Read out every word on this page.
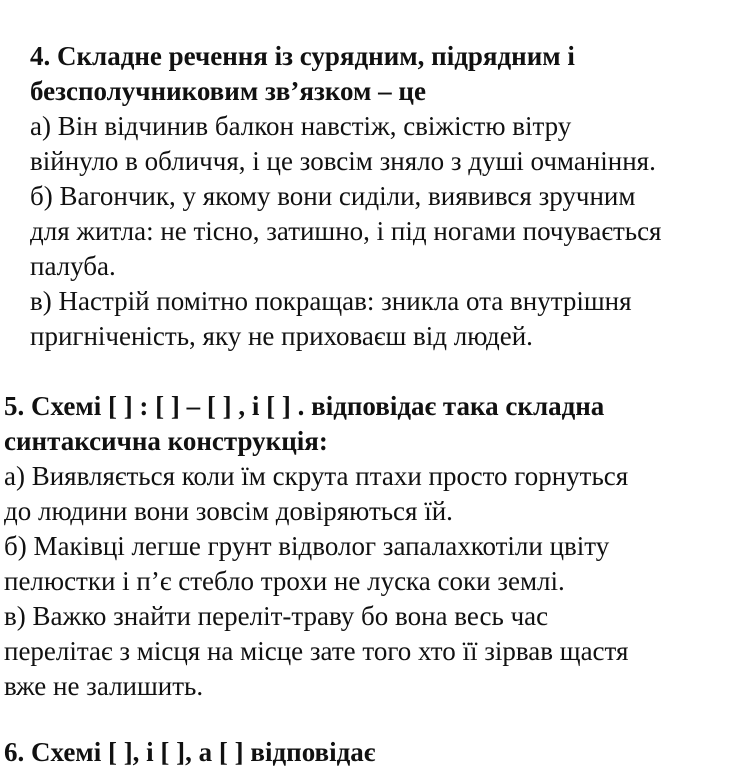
4. Складне речення із сурядним, підрядним і
безсполучниковим зв’язком – це
а) Він відчинив балкон навстіж, свіжістю вітру
війнуло в обличчя, і це зовсім зняло з душі очманіння.
б) Вагончик, у якому вони сиділи, виявився зручним
для житла: не тісно, затишно, і під ногами почувається
палуба.
в) Настрій помітно покращав: зникла ота внутрішня
пригніченість, яку не приховаєш від людей.
5. Схемі [ ] : [ ] – [ ] , і [ ] . відповідає така складна
синтаксична конструкція:
а) Виявляється коли їм скрута птахи просто горнуться
до людини вони зовсім довіряються їй.
б) Маківці легше грунт відволог запалахкотіли цвіту
пелюстки і п’є стебло трохи не луска соки землі.
в) Важко знайти переліт-траву бо вона весь час
перелітає з місця на місце зате того хто її зірвав щастя
вже не залишить.
6. Схемі [ ], і [ ], а [ ] відповідає
